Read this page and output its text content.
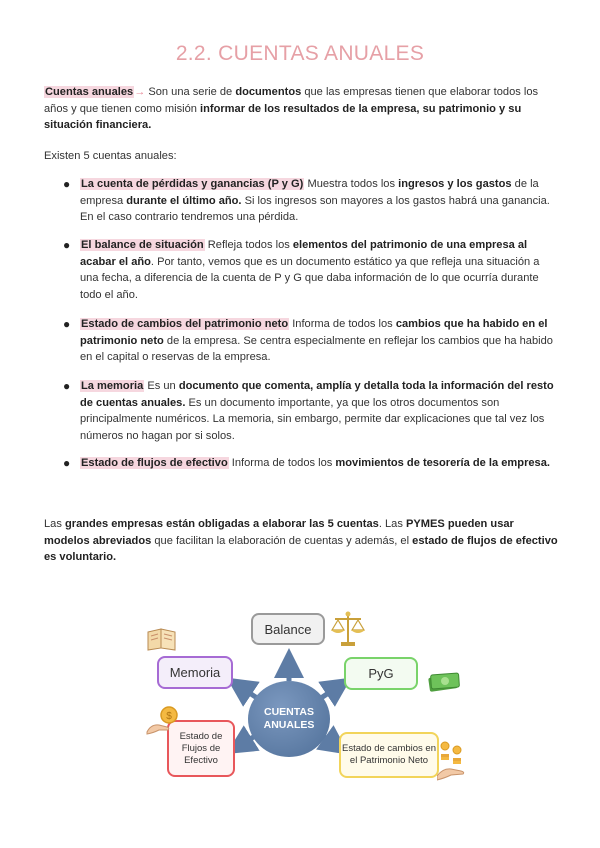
2.2. CUENTAS ANUALES

Cuentas anuales→ Son una serie de documentos que las empresas tienen que elaborar todos los años y que tienen como misión informar de los resultados de la empresa, su patrimonio y su situación financiera.

Existen 5 cuentas anuales:

● La cuenta de pérdidas y ganancias (P y G) Muestra todos los ingresos y los gastos de la empresa durante el último año. Si los ingresos son mayores a los gastos habrá una ganancia. En el caso contrario tendremos una pérdida.

● El balance de situación Refleja todos los elementos del patrimonio de una empresa al acabar el año. Por tanto, vemos que es un documento estático ya que refleja una situación a una fecha, a diferencia de la cuenta de P y G que daba información de lo que ocurría durante todo el año.

● Estado de cambios del patrimonio neto Informa de todos los cambios que ha habido en el patrimonio neto de la empresa. Se centra especialmente en reflejar los cambios que ha habido en el capital o reservas de la empresa.

● La memoria Es un documento que comenta, amplía y detalla toda la información del resto de cuentas anuales. Es un documento importante, ya que los otros documentos son principalmente numéricos. La memoria, sin embargo, permite dar explicaciones que tal vez los números no hagan por si solos.

● Estado de flujos de efectivo Informa de todos los movimientos de tesorería de la empresa.

Las grandes empresas están obligadas a elaborar las 5 cuentas. Las PYMES pueden usar modelos abreviados que facilitan la elaboración de cuentas y además, el estado de flujos de efectivo es voluntario.

Balance
Memoria	PyG
Estado de Flujos de Efectivo
Estado de cambios en el Patrimonio Neto
CUENTAS ANUALES
$
